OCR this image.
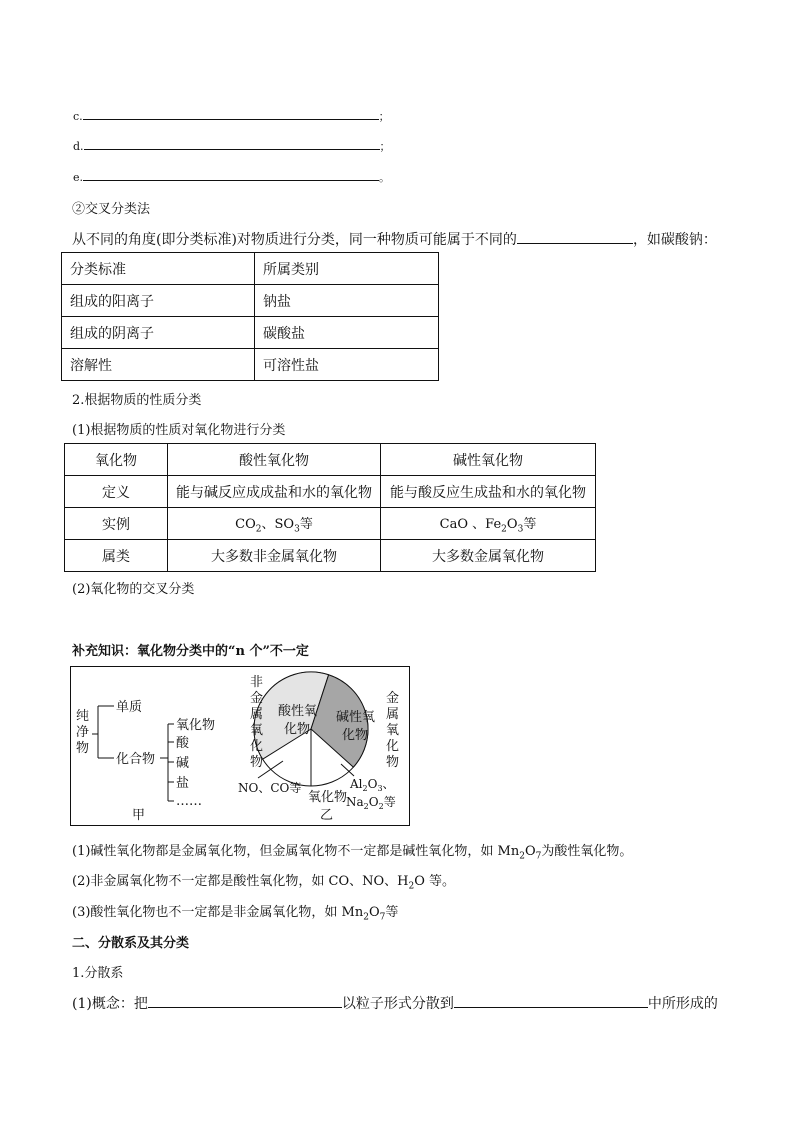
c.	；
d.	；
e.	。
②交叉分类法
从不同的角度(即分类标准)对物质进行分类，同一种物质可能属于不同的	，如碳酸钠：
分类标准	所属类别
组成的阳离子	钠盐
组成的阴离子	碳酸盐
溶解性	可溶性盐
2.根据物质的性质分类
(1)根据物质的性质对氧化物进行分类
氧化物	酸性氧化物	碱性氧化物
定义	能与碱反应成成盐和水的氧化物	能与酸反应生成盐和水的氧化物
实例	$CO_2$、$SO_3$等	CaO 、$Fe_2O_3$等
属类	大多数非金属氧化物	大多数金属氧化物
(2)氧化物的交叉分类
补充知识：氧化物分类中的“n 个”不一定
纯
净
物
单质
化合物
氧化物
酸
碱
盐
……
甲
非
金
属
氧
化
物
金
属
氧
化
物
酸性氧
化物
碱性氧
化物
氧化物
乙
NO、CO等	$Al_2O_3$、
$Na_2O_2$等
(1)碱性氧化物都是金属氧化物，但金属氧化物不一定都是碱性氧化物，如 $Mn_2O_7$为酸性氧化物。
(2)非金属氧化物不一定都是酸性氧化物，如 CO、NO、$H_2O$ 等。
(3)酸性氧化物也不一定都是非金属氧化物，如 $Mn_2O_7$等
二、分散系及其分类
1.分散系
(1)概念：把	以粒子形式分散到	中所形成的
